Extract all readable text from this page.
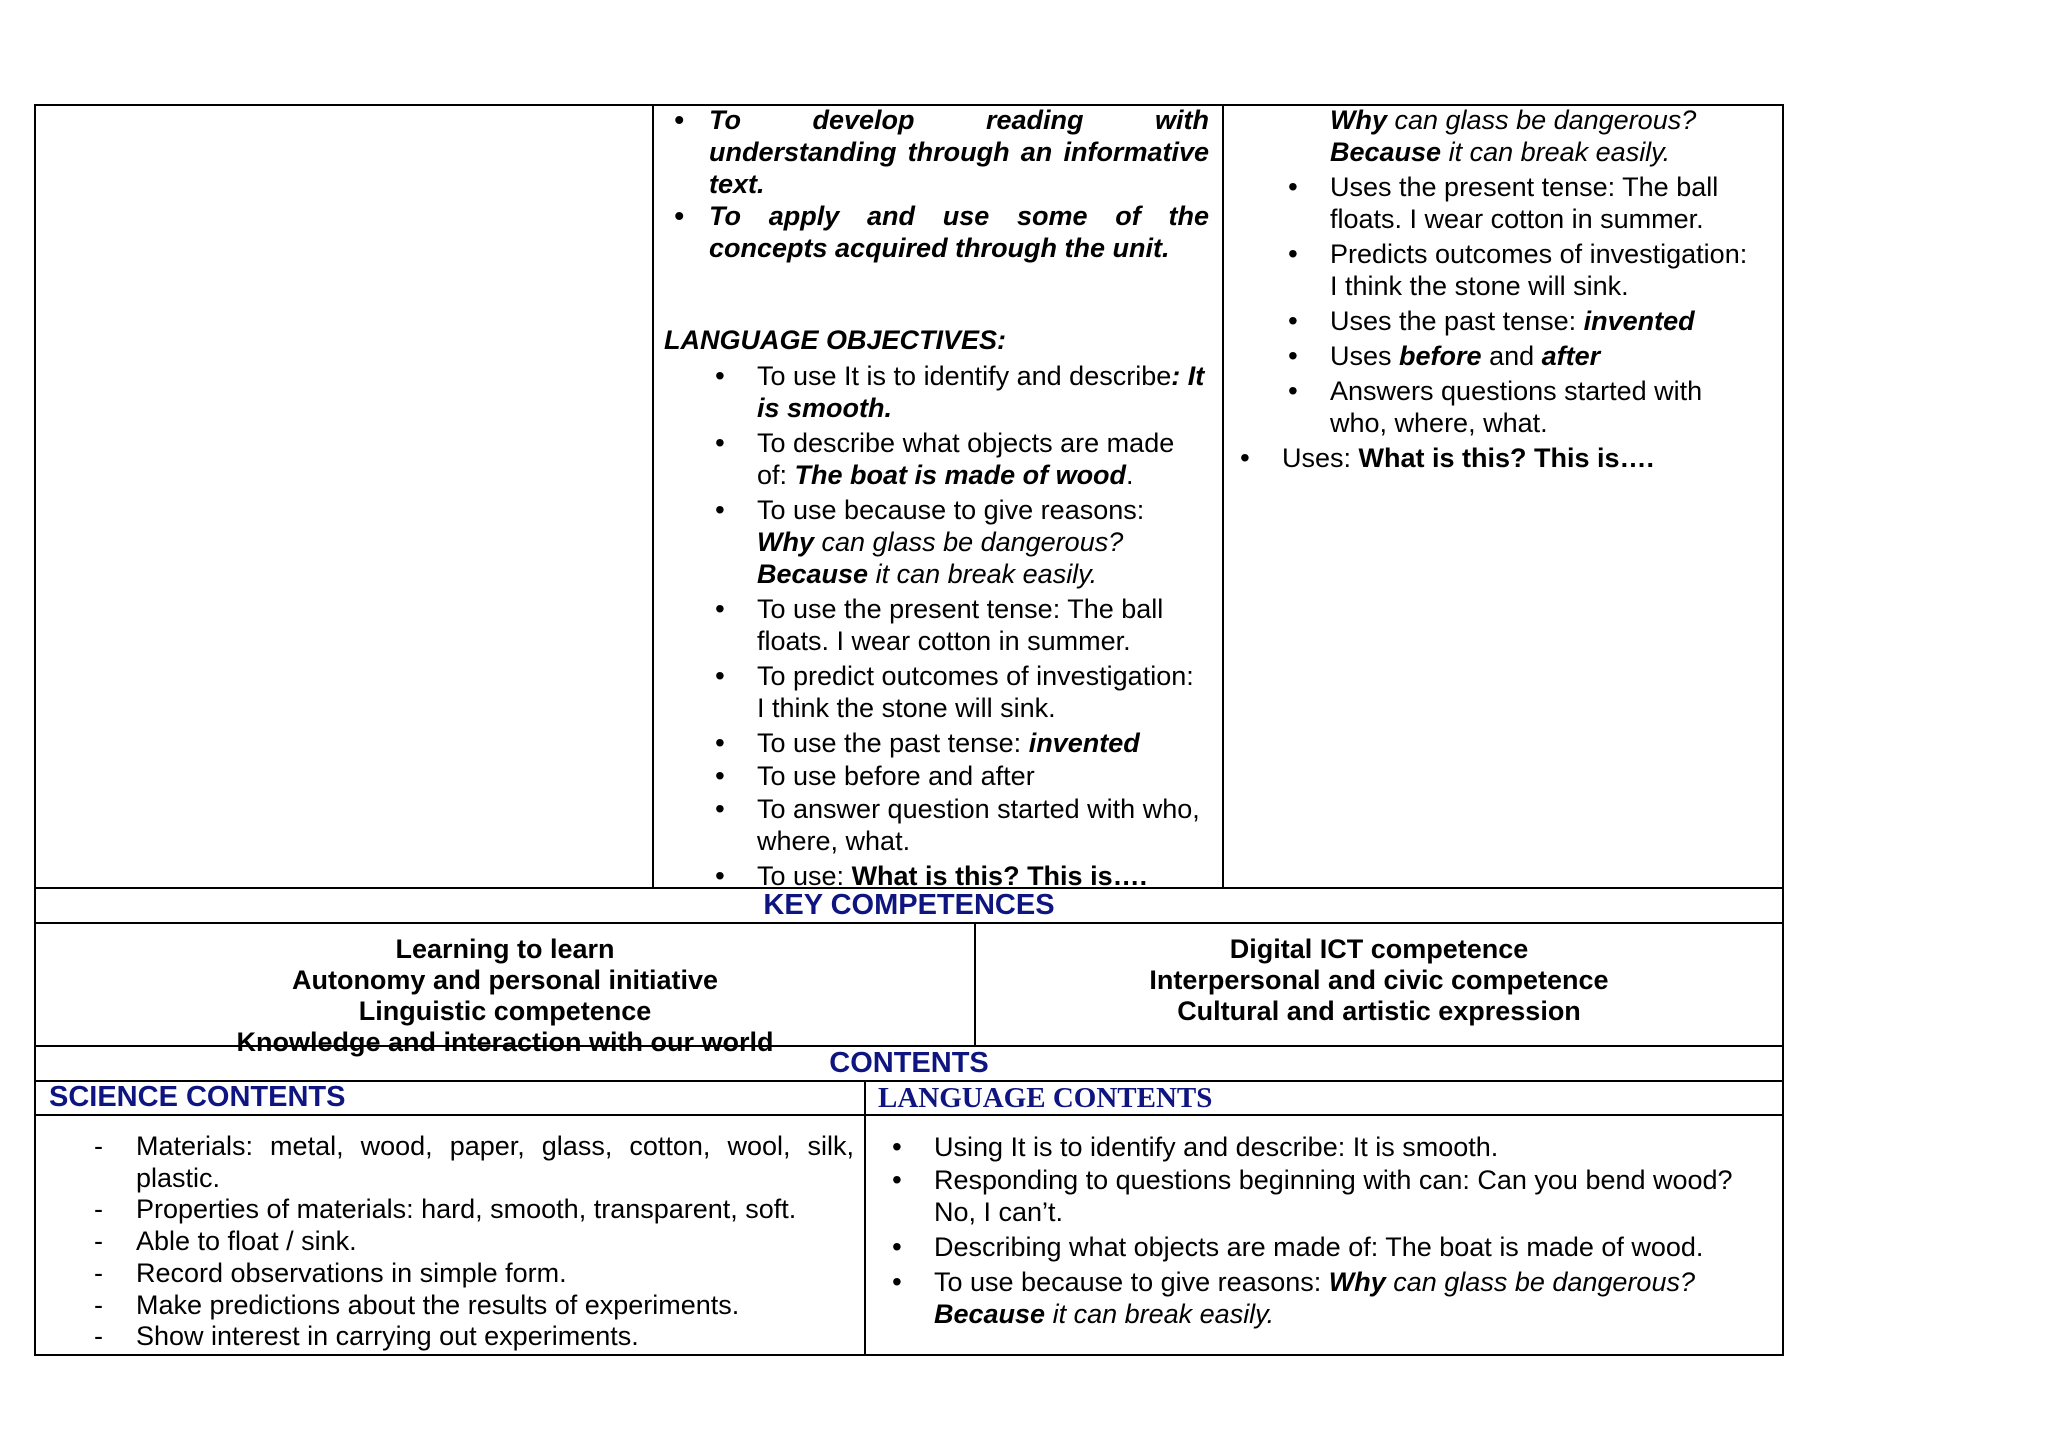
• To develop reading with
understanding through an informative
text.
• To apply and use some of the
concepts acquired through the unit.
LANGUAGE OBJECTIVES:
• To use It is to identify and describe: It
is smooth.
• To describe what objects are made
of: The boat is made of wood.
• To use because to give reasons:
Why can glass be dangerous?
Because it can break easily.
• To use the present tense: The ball
floats. I wear cotton in summer.
• To predict outcomes of investigation:
I think the stone will sink.
• To use the past tense: invented
• To use before and after
• To answer question started with who,
where, what.
• To use: What is this? This is….
Why can glass be dangerous?
Because it can break easily.
• Uses the present tense: The ball
floats. I wear cotton in summer.
• Predicts outcomes of investigation:
I think the stone will sink.
• Uses the past tense: invented
• Uses before and after
• Answers questions started with
who, where, what.
• Uses: What is this? This is….
KEY COMPETENCES
Learning to learn
Autonomy and personal initiative
Linguistic competence
Knowledge and interaction with our world
Digital ICT competence
Interpersonal and civic competence
Cultural and artistic expression
CONTENTS
SCIENCE CONTENTS	LANGUAGE CONTENTS
- Materials: metal, wood, paper, glass, cotton, wool, silk,
plastic.
- Properties of materials: hard, smooth, transparent, soft.
- Able to float / sink.
- Record observations in simple form.
- Make predictions about the results of experiments.
- Show interest in carrying out experiments.
• Using It is to identify and describe: It is smooth.
• Responding to questions beginning with can: Can you bend wood?
No, I can’t.
• Describing what objects are made of: The boat is made of wood.
• To use because to give reasons: Why can glass be dangerous?
Because it can break easily.
